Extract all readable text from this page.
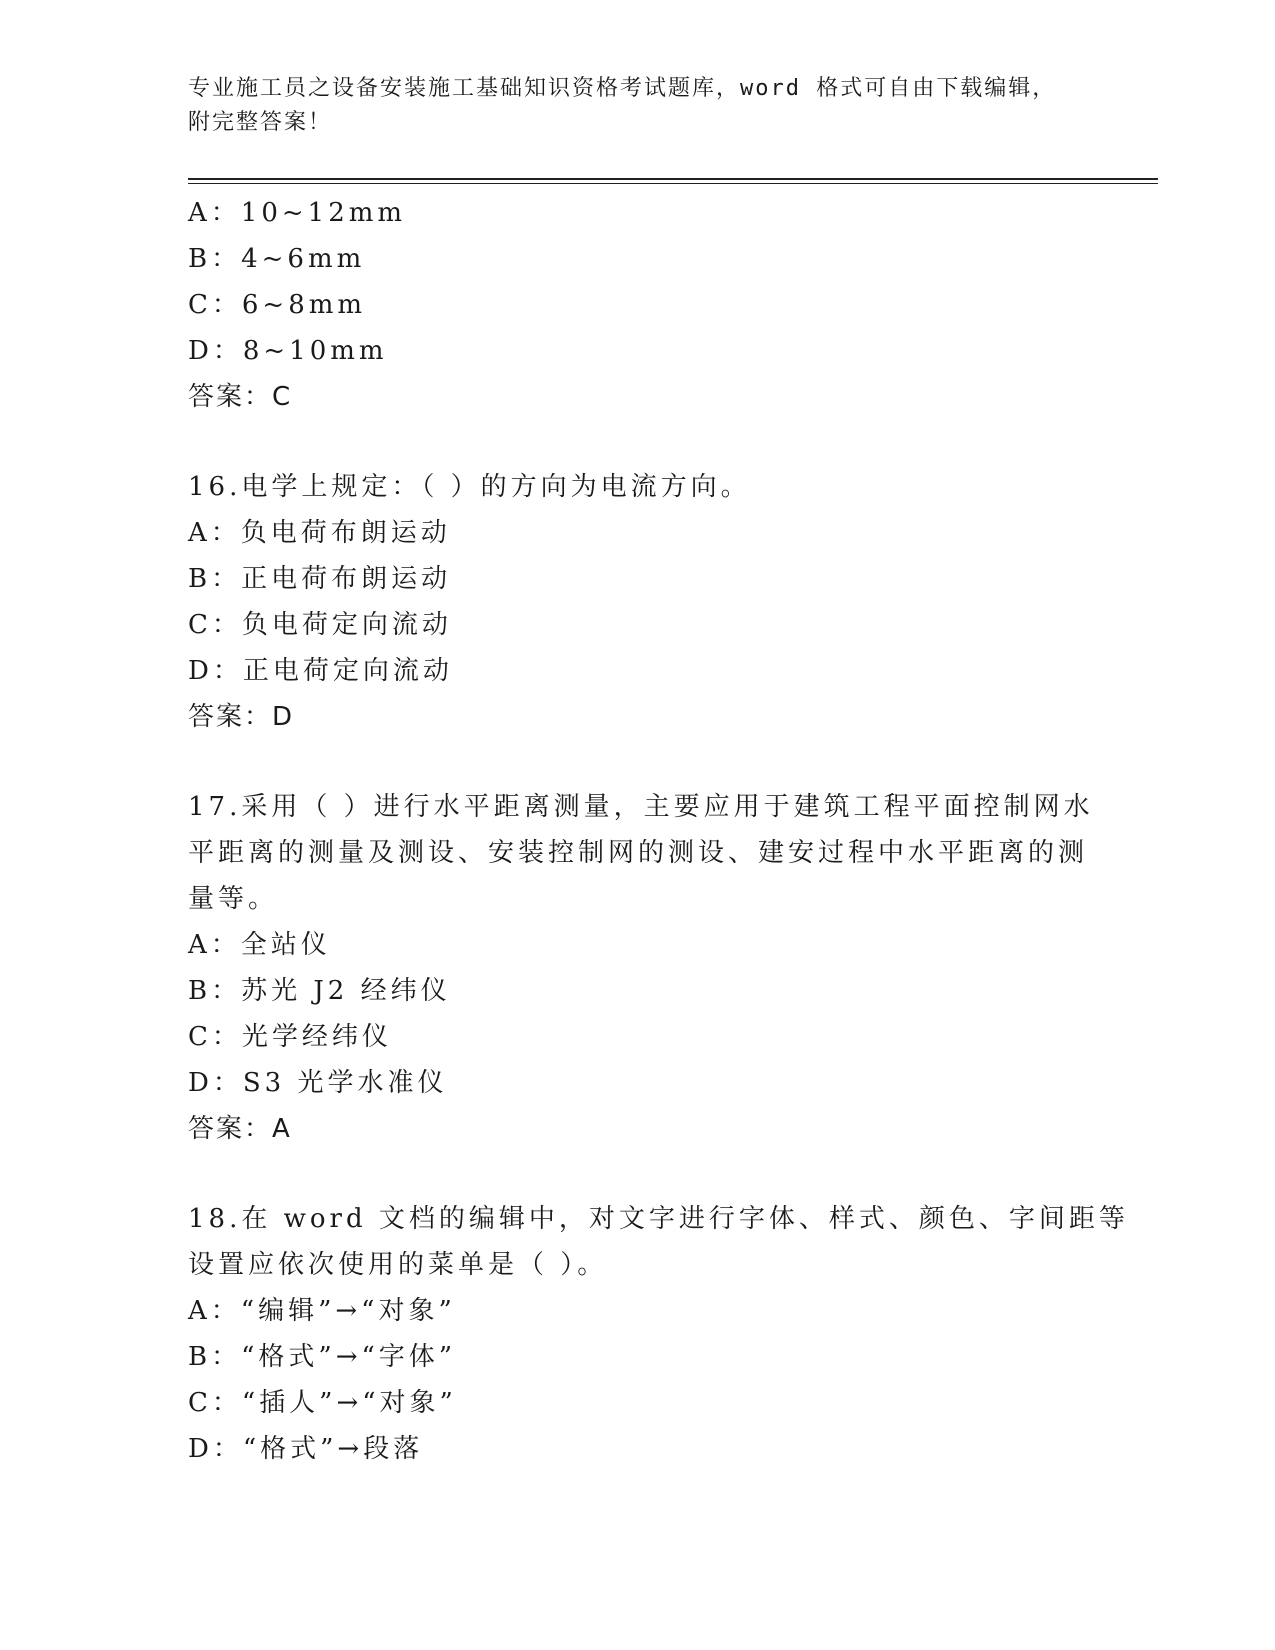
专业施工员之设备安装施工基础知识资格考试题库，word 格式可自由下载编辑，
附完整答案！
A：10~12mm
B：4~6mm
C：6~8mm
D：8~10mm
答案：C
16.电学上规定：（ ）的方向为电流方向。
A：负电荷布朗运动
B：正电荷布朗运动
C：负电荷定向流动
D：正电荷定向流动
答案：D
17.采用（ ）进行水平距离测量，主要应用于建筑工程平面控制网水
平距离的测量及测设、安装控制网的测设、建安过程中水平距离的测
量等。
A：全站仪
B：苏光 J2 经纬仪
C：光学经纬仪
D：S3 光学水准仪
答案：A
18.在 word 文档的编辑中，对文字进行字体、样式、颜色、字间距等
设置应依次使用的菜单是（ ）。
A：“编辑”→“对象”
B：“格式”→“字体”
C：“插人”→“对象”
D：“格式”→段落
